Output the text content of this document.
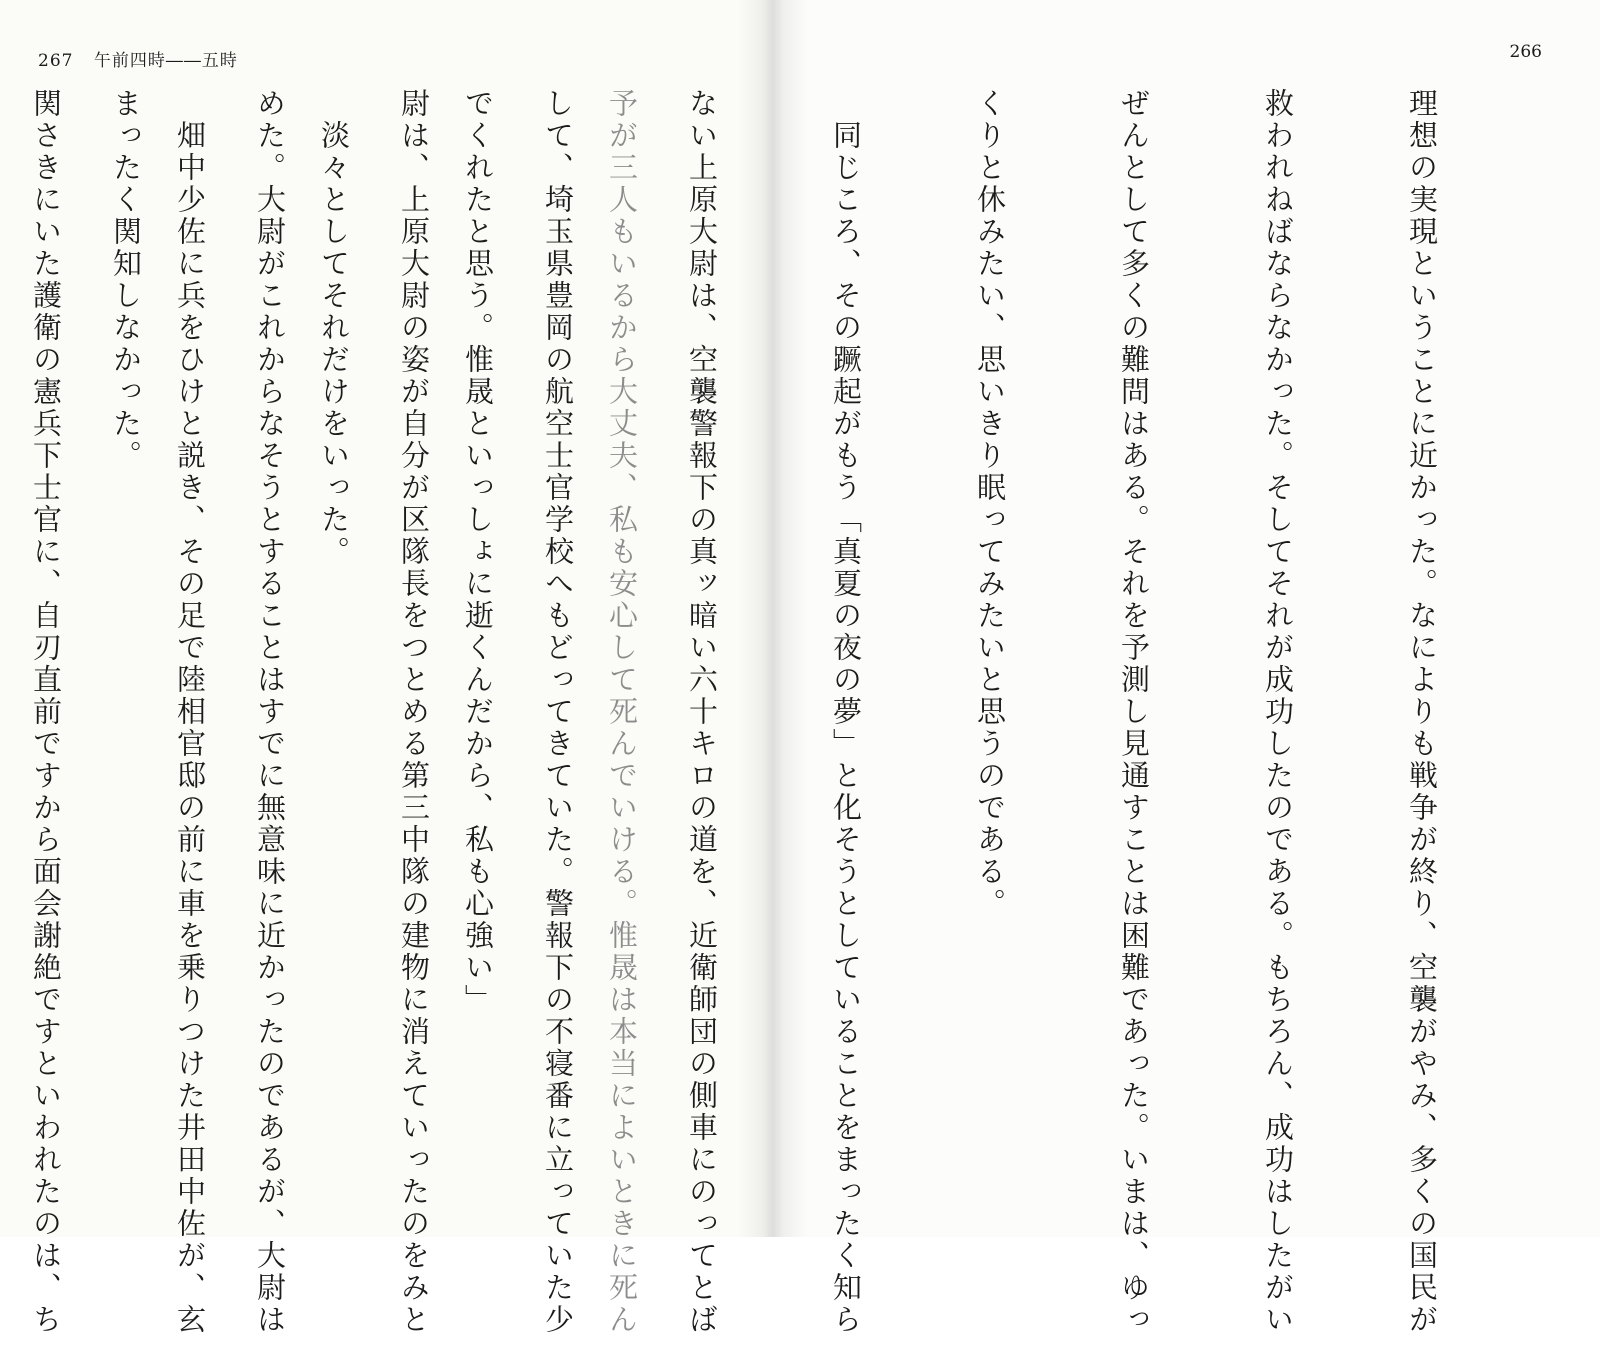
267 午前四時――五時

予が三人もいるから大丈夫、私も安心して死んでいける。惟晟は本当によいときに死ん

でくれたと思う。惟晟といっしょに逝くんだから、私も心強い」

　淡々としてそれだけをいった。

　畑中少佐に兵をひけと説き、その足で陸相官邸の前に車を乗りつけた井田中佐が、玄

関さきにいた護衛の憲兵下士官に、自刃直前ですから面会謝絶ですといわれたのは、ち

266

理想の実現ということに近かった。なによりも戦争が終り、空襲がやみ、多くの国民が

救われねばならなかった。そしてそれが成功したのである。もちろん、成功はしたがい

ぜんとして多くの難問はある。それを予測し見通すことは困難であった。いまは、ゆっ

くりと休みたい、思いきり眠ってみたいと思うのである。

　同じころ、その蹶起がもう「真夏の夜の夢」と化そうとしていることをまったく知ら

ない上原大尉は、空襲警報下の真ッ暗い六十キロの道を、近衛師団の側車にのってとば

して、埼玉県豊岡の航空士官学校へもどってきていた。警報下の不寝番に立っていた少

尉は、上原大尉の姿が自分が区隊長をつとめる第三中隊の建物に消えていったのをみと

めた。大尉がこれからなそうとすることはすでに無意味に近かったのであるが、大尉は

まったく関知しなかった。
